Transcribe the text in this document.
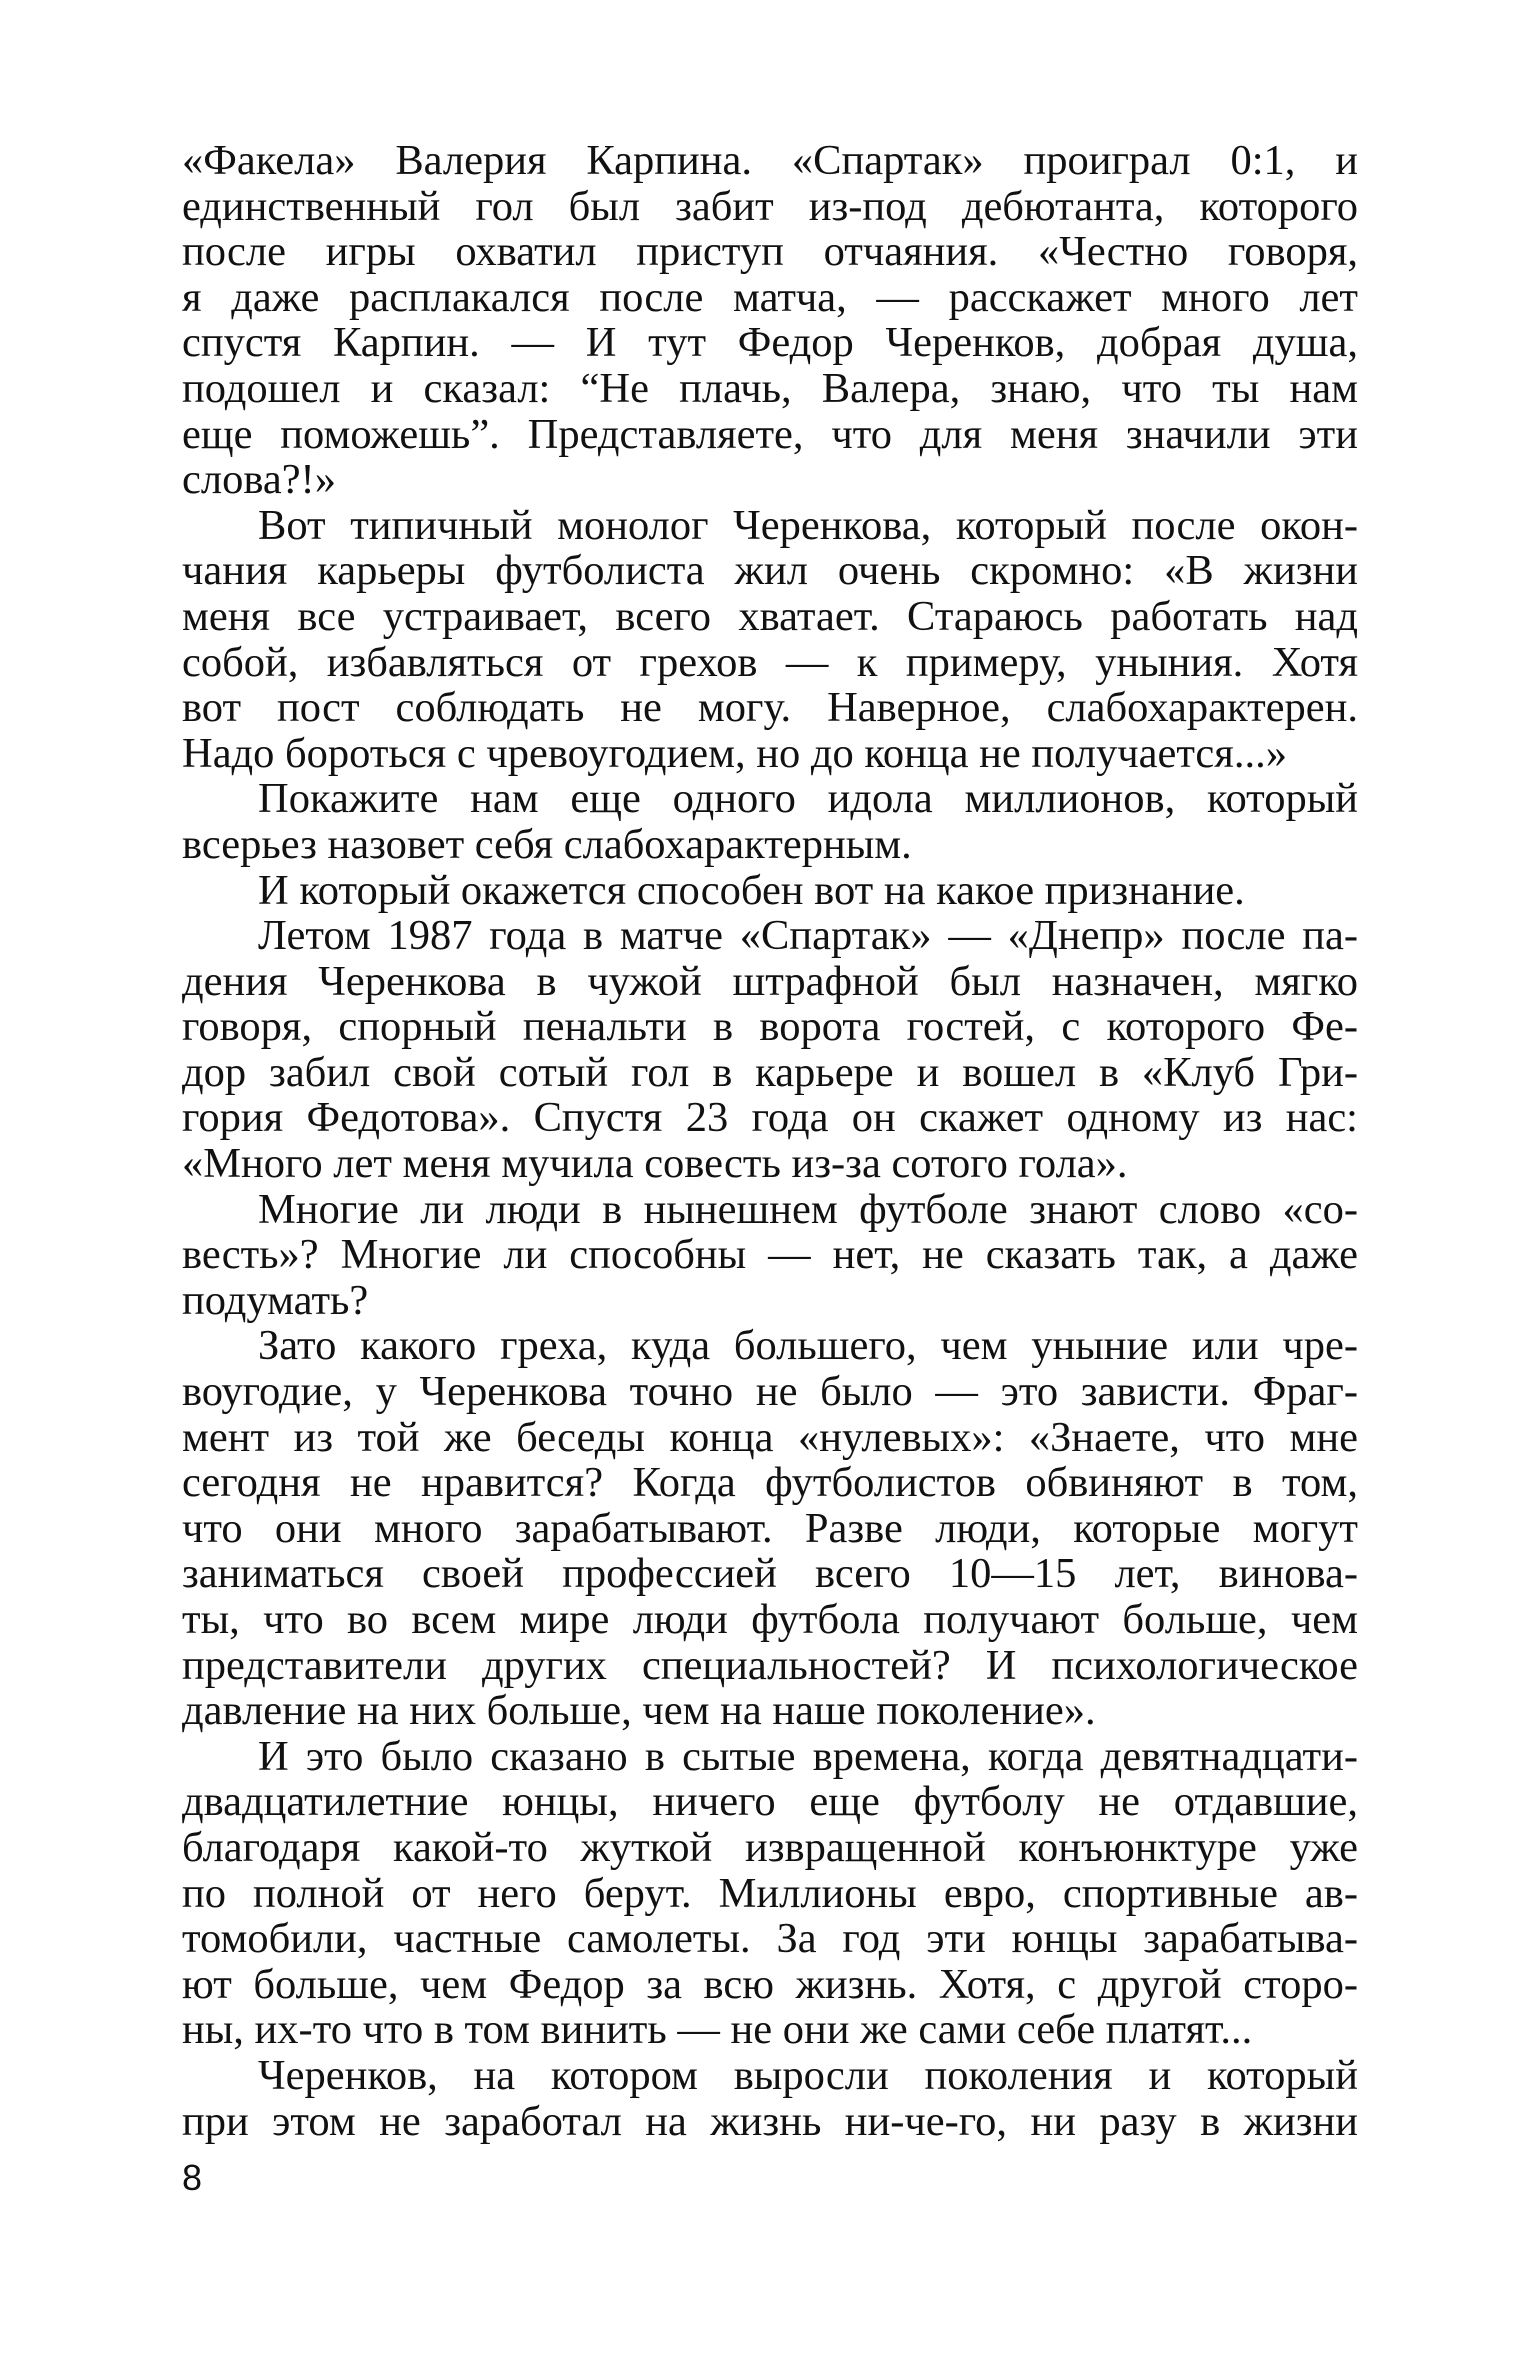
«Факела» Валерия Карпина. «Спартак» проиграл 0:1, и
единственный гол был забит из-под дебютанта, которого
после игры охватил приступ отчаяния. «Честно говоря,
я даже расплакался после матча, — расскажет много лет
спустя Карпин. — И тут Федор Черенков, добрая душа,
подошел и сказал: “Не плачь, Валера, знаю, что ты нам
еще поможешь”. Представляете, что для меня значили эти
слова?!»
Вот типичный монолог Черенкова, который после окон-
чания карьеры футболиста жил очень скромно: «В жизни
меня все устраивает, всего хватает. Стараюсь работать над
собой, избавляться от грехов — к примеру, уныния. Хотя
вот пост соблюдать не могу. Наверное, слабохарактерен.
Надо бороться с чревоугодием, но до конца не получается...»
Покажите нам еще одного идола миллионов, который
всерьез назовет себя слабохарактерным.
И который окажется способен вот на какое признание.
Летом 1987 года в матче «Спартак» — «Днепр» после па-
дения Черенкова в чужой штрафной был назначен, мягко
говоря, спорный пенальти в ворота гостей, с которого Фе-
дор забил свой сотый гол в карьере и вошел в «Клуб Гри-
гория Федотова». Спустя 23 года он скажет одному из нас:
«Много лет меня мучила совесть из-за сотого гола».
Многие ли люди в нынешнем футболе знают слово «со-
весть»? Многие ли способны — нет, не сказать так, а даже
подумать?
Зато какого греха, куда большего, чем уныние или чре-
воугодие, у Черенкова точно не было — это зависти. Фраг-
мент из той же беседы конца «нулевых»: «Знаете, что мне
сегодня не нравится? Когда футболистов обвиняют в том,
что они много зарабатывают. Разве люди, которые могут
заниматься своей профессией всего 10—15 лет, винова-
ты, что во всем мире люди футбола получают больше, чем
представители других специальностей? И психологическое
давление на них больше, чем на наше поколение».
И это было сказано в сытые времена, когда девятнадцати-
двадцатилетние юнцы, ничего еще футболу не отдавшие,
благодаря какой-то жуткой извращенной конъюнктуре уже
по полной от него берут. Миллионы евро, спортивные ав-
томобили, частные самолеты. За год эти юнцы зарабатыва-
ют больше, чем Федор за всю жизнь. Хотя, с другой сторо-
ны, их-то что в том винить — не они же сами себе платят...
Черенков, на котором выросли поколения и который
при этом не заработал на жизнь ни-че-го, ни разу в жизни
8
